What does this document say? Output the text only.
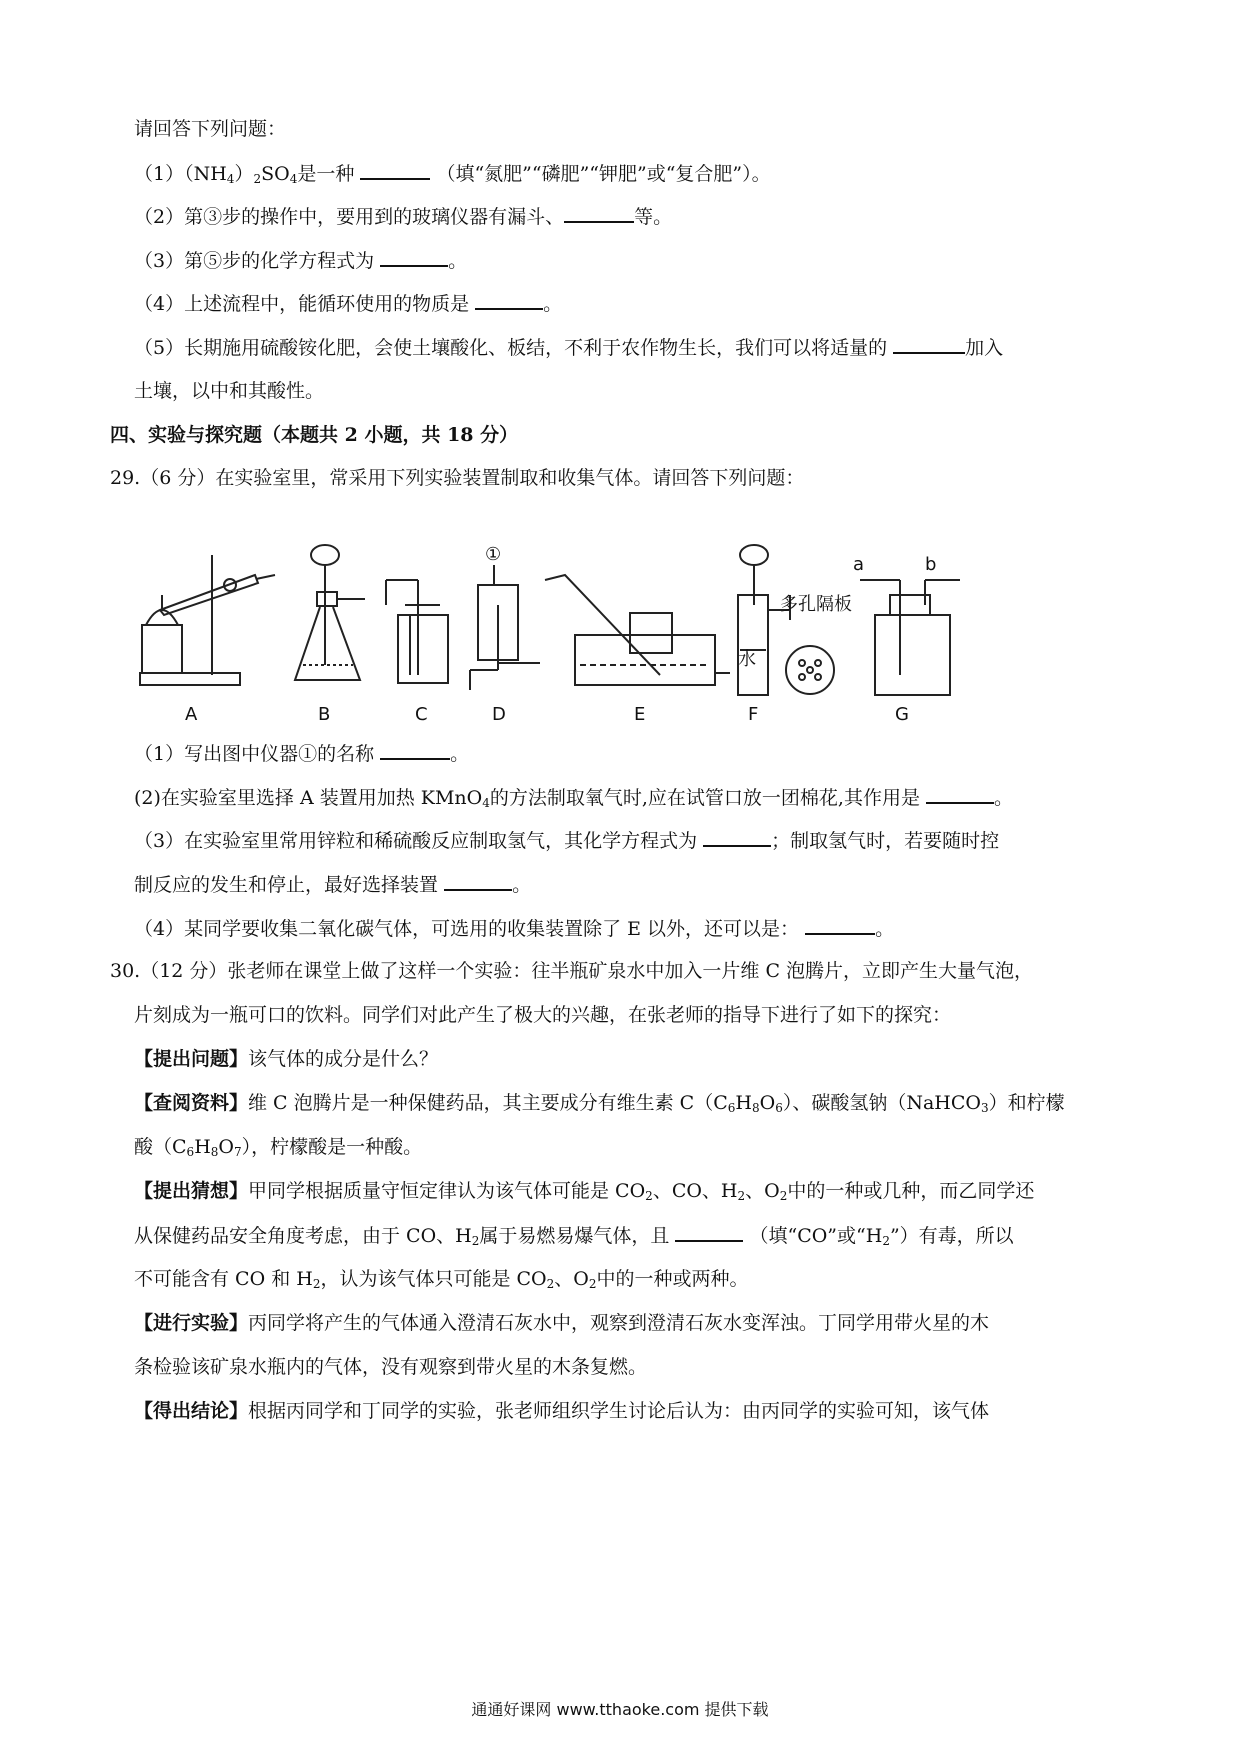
请回答下列问题：
$(1)(NH_4)_2SO_4$是一种	（填“氮肥”“磷肥”“钾肥”或“复合肥”）。
（2）第③步的操作中，要用到的玻璃仪器有漏斗、	等。
（3）第⑤步的化学方程式为	。
（4）上述流程中，能循环使用的物质是	。
（5）长期施用硫酸铵化肥，会使土壤酸化、板结，不利于农作物生长，我们可以将适量的	加入
土壤，以中和其酸性。
四、实验与探究题（本题共 2 小题，共 18 分）
29.（6 分）在实验室里，常采用下列实验装置制取和收集气体。请回答下列问题：
①
水
多孔隔板
a	b
A	B	C	D	E	F	G
（1）写出图中仪器①的名称	。
(2)在实验室里选择 A 装置用加热 KMnO$_4$的方法制取氧气时,应在试管口放一团棉花,其作用是	。
（3）在实验室里常用锌粒和稀硫酸反应制取氢气，其化学方程式为	；制取氢气时，若要随时控
制反应的发生和停止，最好选择装置	。
（4）某同学要收集二氧化碳气体，可选用的收集装置除了 E 以外，还可以是：	。
30.（12 分）张老师在课堂上做了这样一个实验：往半瓶矿泉水中加入一片维 C 泡腾片，立即产生大量气泡，
片刻成为一瓶可口的饮料。同学们对此产生了极大的兴趣，在张老师的指导下进行了如下的探究：
【提出问题】该气体的成分是什么？
【查阅资料】维 C 泡腾片是一种保健药品，其主要成分有维生素 $C(C_6H_8O_6)$、碳酸氢钠（NaHCO$_3$）和柠檬
酸$(C_6H_8O_7)$，柠檬酸是一种酸。
【提出猜想】甲同学根据质量守恒定律认为该气体可能是 $CO_2$、CO、$H_2$、$O_2$中的一种或几种，而乙同学还
从保健药品安全角度考虑，由于 CO、$H_2$属于易燃易爆气体，且	（填“CO”或“$H_2$”）有毒，所以
不可能含有 CO 和 $H_2$，认为该气体只可能是 $CO_2$、$O_2$中的一种或两种。
【进行实验】丙同学将产生的气体通入澄清石灰水中，观察到澄清石灰水变浑浊。丁同学用带火星的木
条检验该矿泉水瓶内的气体，没有观察到带火星的木条复燃。
【得出结论】根据丙同学和丁同学的实验，张老师组织学生讨论后认为：由丙同学的实验可知，该气体
通通好课网 www.tthaoke.com 提供下载
